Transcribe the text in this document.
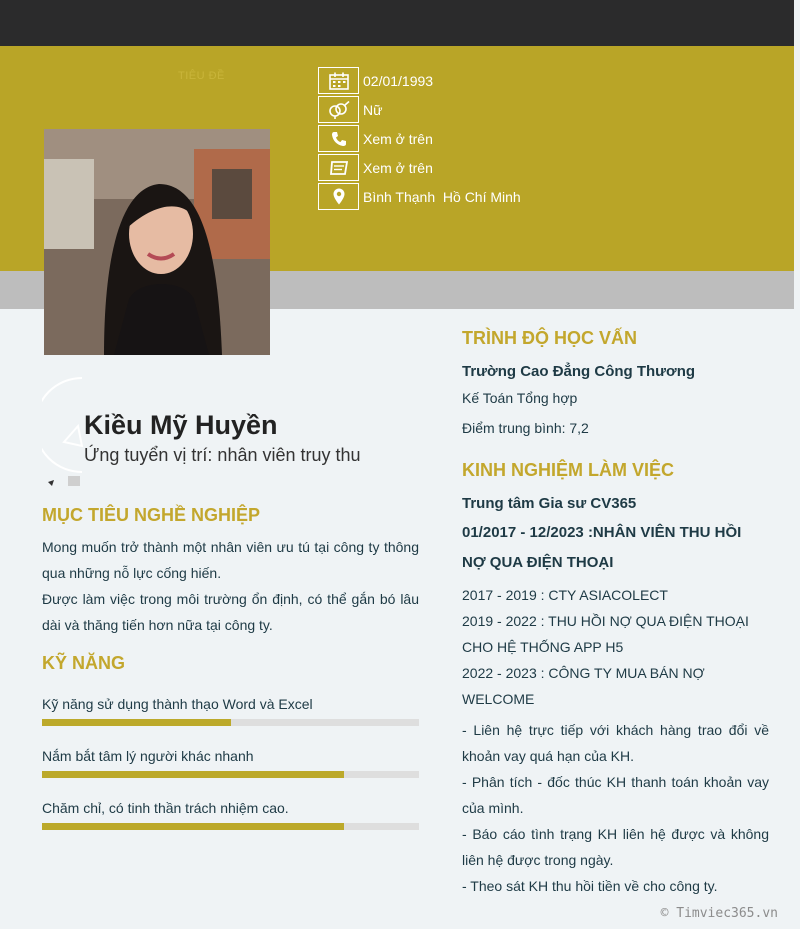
TIÊU ĐỀ	02/01/1993
Nữ
Xem ở trên
Xem ở trên
Bình Thạnh  Hồ Chí Minh
Kiều Mỹ Huyền
Ứng tuyển vị trí: nhân viên truy thu
MỤC TIÊU NGHỀ NGHIỆP

Mong muốn trở thành một nhân viên ưu tú tại công ty thông qua những nỗ lực cống hiến.

Được làm việc trong môi trường ổn định, có thể gắn bó lâu dài và thăng tiến hơn nữa tại công ty.

KỸ NĂNG
Kỹ năng sử dụng thành thạo Word và Excel
Nắm bắt tâm lý người khác nhanh
Chăm chỉ, có tinh thần trách nhiệm cao.
TRÌNH ĐỘ HỌC VẤN
Trường Cao Đẳng Công Thương
Kế Toán Tổng hợp
Điểm trung bình: 7,2
KINH NGHIỆM LÀM VIỆC
Trung tâm Gia sư CV365
01/2017 - 12/2023 :NHÂN VIÊN THU HỒI NỢ QUA ĐIỆN THOẠI
2017 - 2019 : CTY ASIACOLECT
2019 - 2022 : THU HỒI NỢ QUA ĐIỆN THOẠI CHO HỆ THỐNG APP H5
2022 - 2023 : CÔNG TY MUA BÁN NỢ WELCOME
- Liên hệ trực tiếp với khách hàng trao đổi về khoản vay quá hạn của KH.
- Phân tích - đốc thúc KH thanh toán khoản vay của mình.
- Báo cáo tình trạng KH liên hệ được và không liên hệ được trong ngày.
- Theo sát KH thu hồi tiền về cho công ty.
© Timviec365.vn
